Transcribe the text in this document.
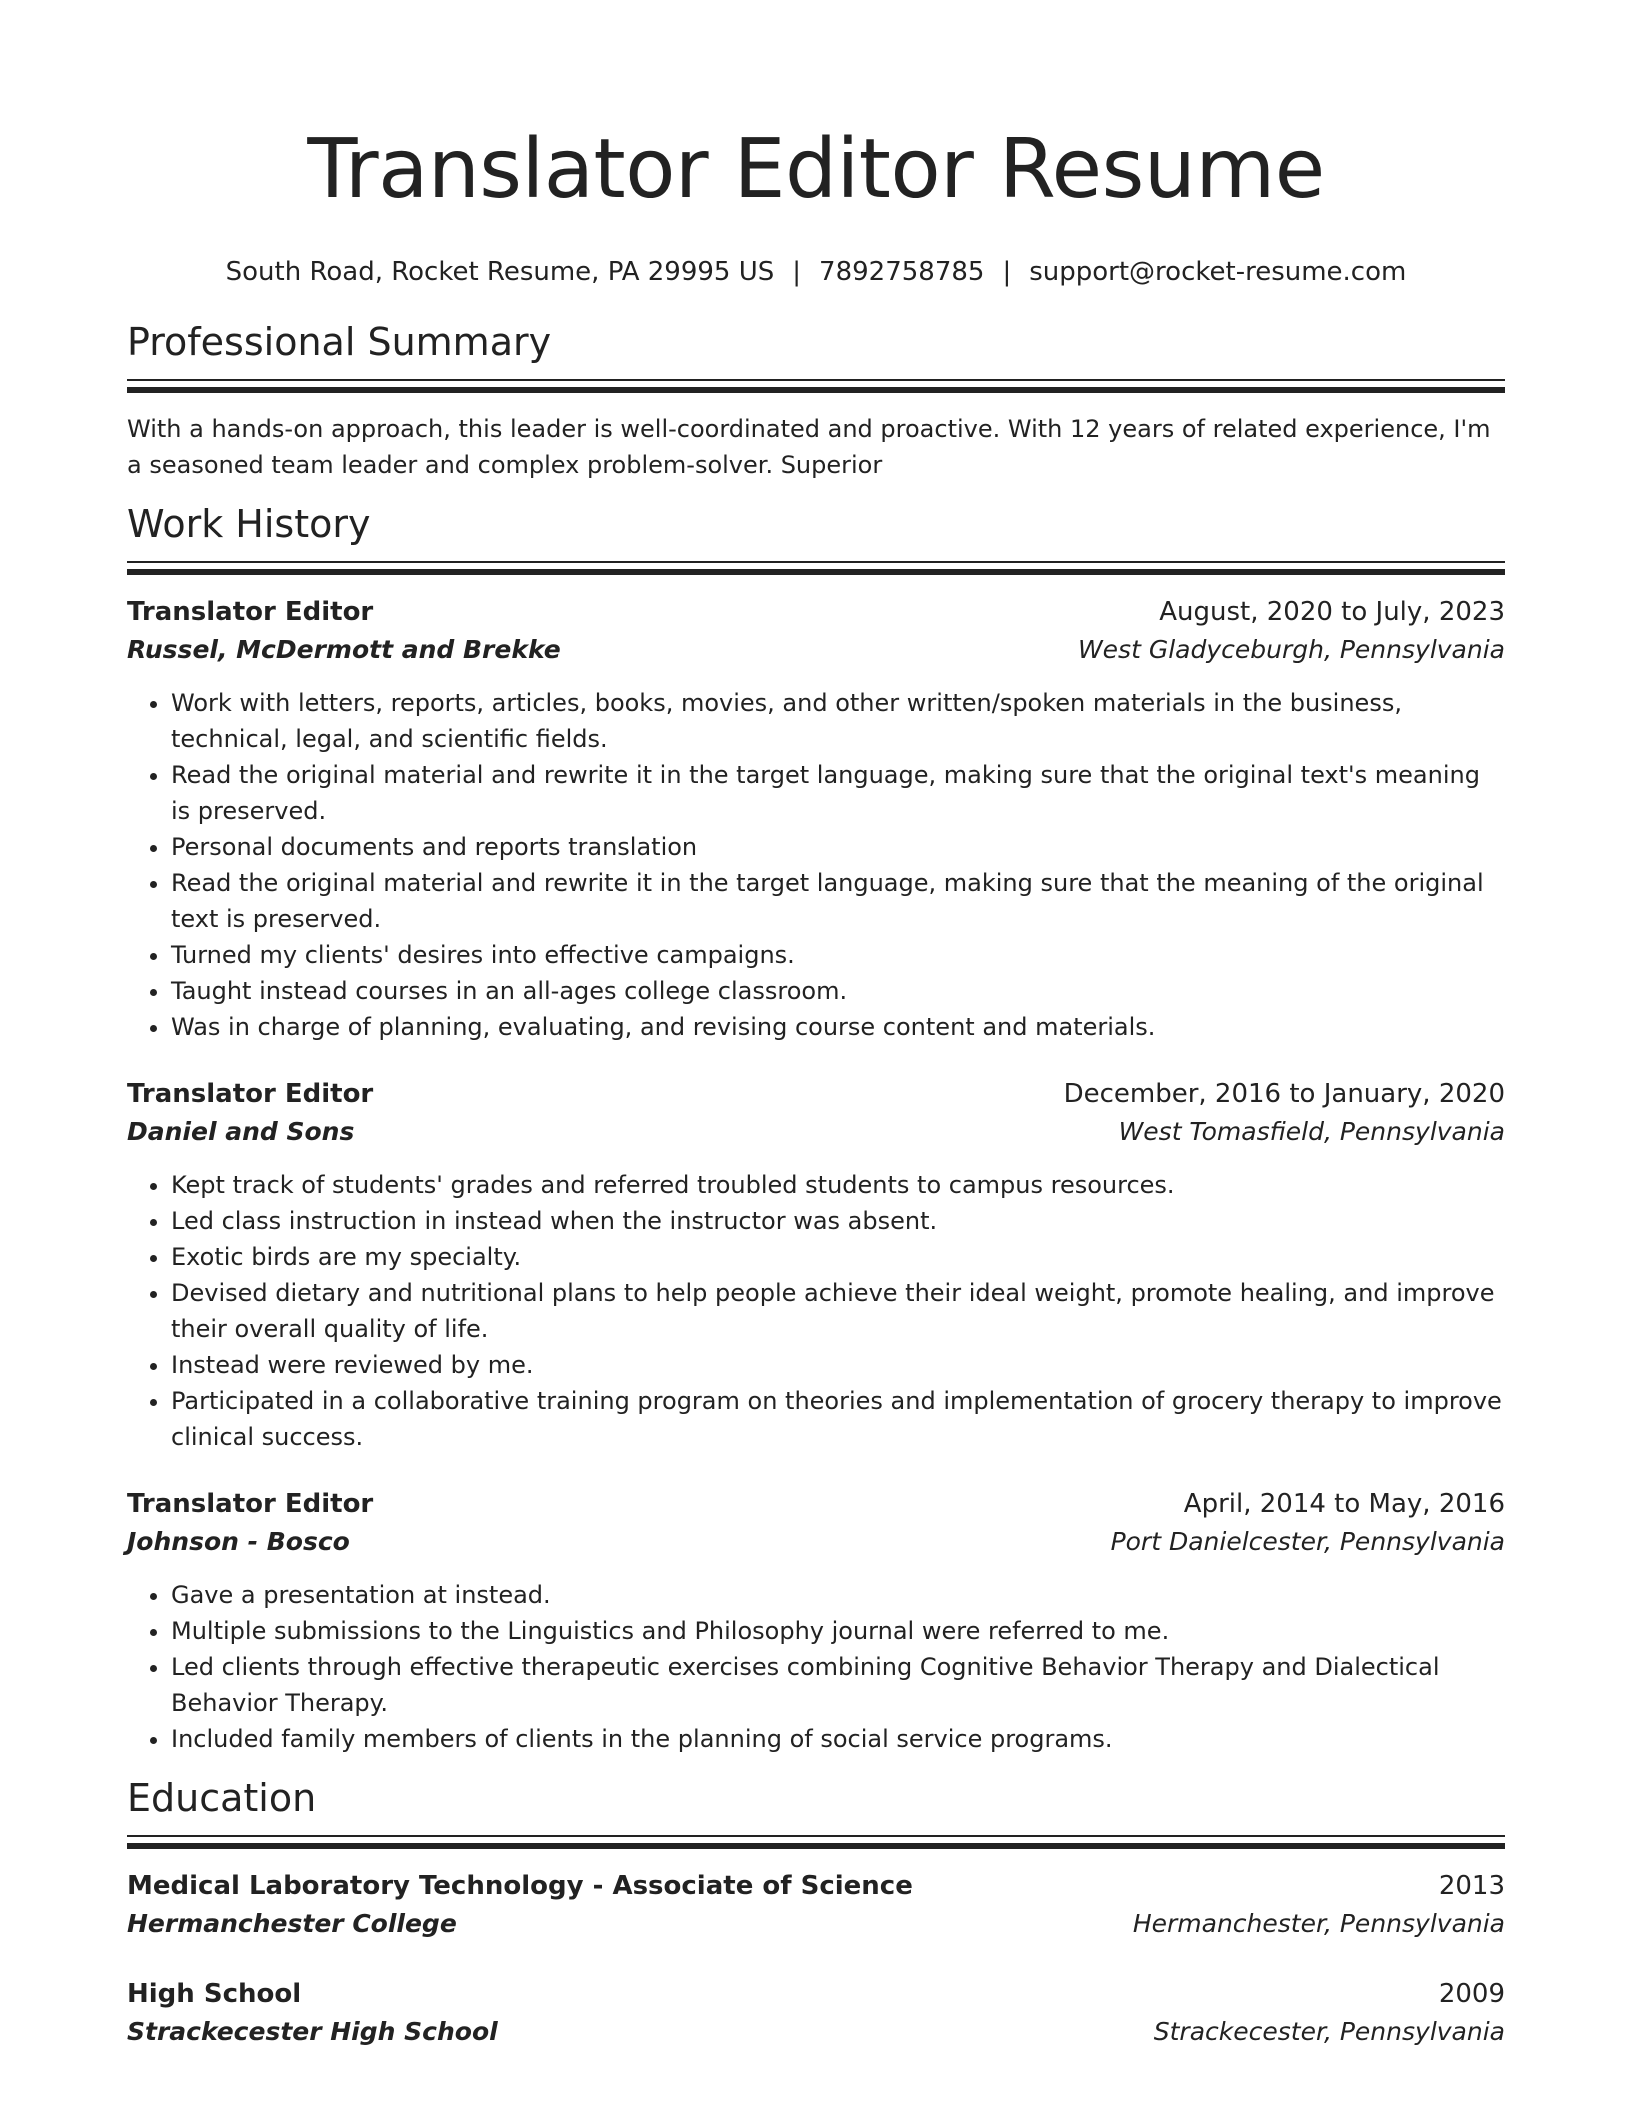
Translator Editor Resume
South Road, Rocket Resume, PA 29995 US | 7892758785 | support@rocket-resume.com
Professional Summary

With a hands-on approach, this leader is well-coordinated and proactive. With 12 years of related experience, I'm a seasoned team leader and complex problem-solver. Superior

Work History
Translator Editor	August, 2020 to July, 2023
Russel, McDermott and Brekke	West Gladyceburgh, Pennsylvania
• Work with letters, reports, articles, books, movies, and other written/spoken materials in the business, technical, legal, and scientific fields.
• Read the original material and rewrite it in the target language, making sure that the original text's meaning is preserved.
• Personal documents and reports translation
• Read the original material and rewrite it in the target language, making sure that the meaning of the original text is preserved.
• Turned my clients' desires into effective campaigns.
• Taught instead courses in an all-ages college classroom.
• Was in charge of planning, evaluating, and revising course content and materials.
Translator Editor	December, 2016 to January, 2020
Daniel and Sons	West Tomasfield, Pennsylvania
• Kept track of students' grades and referred troubled students to campus resources.
• Led class instruction in instead when the instructor was absent.
• Exotic birds are my specialty.
• Devised dietary and nutritional plans to help people achieve their ideal weight, promote healing, and improve their overall quality of life.
• Instead were reviewed by me.
• Participated in a collaborative training program on theories and implementation of grocery therapy to improve clinical success.
Translator Editor	April, 2014 to May, 2016
Johnson - Bosco	Port Danielcester, Pennsylvania
• Gave a presentation at instead.
• Multiple submissions to the Linguistics and Philosophy journal were referred to me.
• Led clients through effective therapeutic exercises combining Cognitive Behavior Therapy and Dialectical Behavior Therapy.
• Included family members of clients in the planning of social service programs.
Education
Medical Laboratory Technology - Associate of Science	2013
Hermanchester College	Hermanchester, Pennsylvania
High School	2009
Strackecester High School	Strackecester, Pennsylvania
